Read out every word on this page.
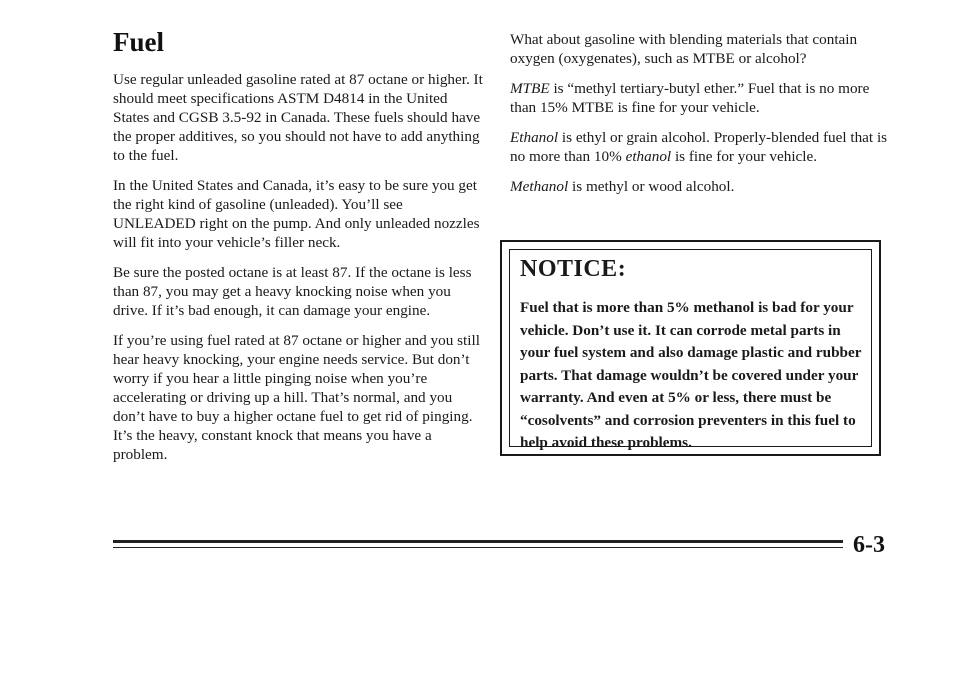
Fuel

Use regular unleaded gasoline rated at 87 octane or higher. It should meet specifications ASTM D4814 in the United States and CGSB 3.5-92 in Canada. These fuels should have the proper additives, so you should not have to add anything to the fuel.

In the United States and Canada, it’s easy to be sure you get the right kind of gasoline (unleaded). You’ll see UNLEADED right on the pump. And only unleaded nozzles will fit into your vehicle’s filler neck.

Be sure the posted octane is at least 87. If the octane is less than 87, you may get a heavy knocking noise when you drive. If it’s bad enough, it can damage your engine.

If you’re using fuel rated at 87 octane or higher and you still hear heavy knocking, your engine needs service. But don’t worry if you hear a little pinging noise when you’re accelerating or driving up a hill. That’s normal, and you don’t have to buy a higher octane fuel to get rid of pinging. It’s the heavy, constant knock that means you have a problem.

What about gasoline with blending materials that contain oxygen (oxygenates), such as MTBE or alcohol?

MTBE is “methyl tertiary-butyl ether.” Fuel that is no more than 15% MTBE is fine for your vehicle.

Ethanol is ethyl or grain alcohol. Properly-blended fuel that is no more than 10% ethanol is fine for your vehicle.

Methanol is methyl or wood alcohol.

NOTICE:

Fuel that is more than 5% methanol is bad for your vehicle. Don’t use it. It can corrode metal parts in your fuel system and also damage plastic and rubber parts. That damage wouldn’t be covered under your warranty. And even at 5% or less, there must be “cosolvents” and corrosion preventers in this fuel to help avoid these problems.

6-3
